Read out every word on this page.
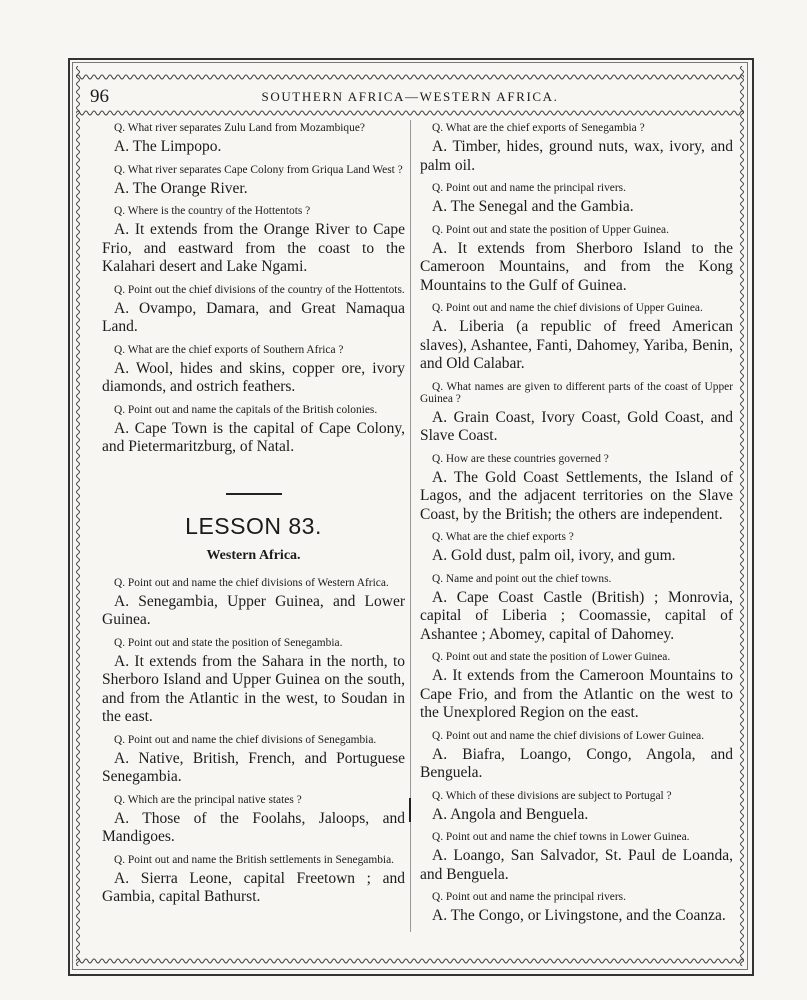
96	SOUTHERN AFRICA—WESTERN AFRICA.
Q. What river separates Zulu Land from Mozambique?
A. The Limpopo.
Q. What river separates Cape Colony from Griqua Land West ?
A. The Orange River.
Q. Where is the country of the Hottentots ?
A. It extends from the Orange River to Cape Frio, and eastward from the coast to the Kalahari desert and Lake Ngami.
Q. Point out the chief divisions of the country of the Hottentots.
A. Ovampo, Damara, and Great Namaqua Land.
Q. What are the chief exports of Southern Africa ?
A. Wool, hides and skins, copper ore, ivory diamonds, and ostrich feathers.
Q. Point out and name the capitals of the British colonies.
A. Cape Town is the capital of Cape Colony, and Pietermaritzburg, of Natal.
LESSON 83.
Western Africa.
Q. Point out and name the chief divisions of Western Africa.
A. Senegambia, Upper Guinea, and Lower Guinea.
Q. Point out and state the position of Senegambia.
A. It extends from the Sahara in the north, to Sherboro Island and Upper Guinea on the south, and from the Atlantic in the west, to Soudan in the east.
Q. Point out and name the chief divisions of Senegambia.
A. Native, British, French, and Portuguese Senegambia.
Q. Which are the principal native states ?
A. Those of the Foolahs, Jaloops, and Mandigoes.
Q. Point out and name the British settlements in Senegambia.
A. Sierra Leone, capital Freetown ; and Gambia, capital Bathurst.
Q. What are the chief exports of Senegambia ?
A. Timber, hides, ground nuts, wax, ivory, and palm oil.
Q. Point out and name the principal rivers.
A. The Senegal and the Gambia.
Q. Point out and state the position of Upper Guinea.
A. It extends from Sherboro Island to the Cameroon Mountains, and from the Kong Mountains to the Gulf of Guinea.
Q. Point out and name the chief divisions of Upper Guinea.
A. Liberia (a republic of freed American slaves), Ashantee, Fanti, Dahomey, Yariba, Benin, and Old Calabar.
Q. What names are given to different parts of the coast of Upper Guinea ?
A. Grain Coast, Ivory Coast, Gold Coast, and Slave Coast.
Q. How are these countries governed ?
A. The Gold Coast Settlements, the Island of Lagos, and the adjacent territories on the Slave Coast, by the British; the others are independent.
Q. What are the chief exports ?
A. Gold dust, palm oil, ivory, and gum.
Q. Name and point out the chief towns.
A. Cape Coast Castle (British) ; Monrovia, capital of Liberia ; Coomassie, capital of Ashantee ; Abomey, capital of Dahomey.
Q. Point out and state the position of Lower Guinea.
A. It extends from the Cameroon Mountains to Cape Frio, and from the Atlantic on the west to the Unexplored Region on the east.
Q. Point out and name the chief divisions of Lower Guinea.
A. Biafra, Loango, Congo, Angola, and Benguela.
Q. Which of these divisions are subject to Portugal ?
A. Angola and Benguela.
Q. Point out and name the chief towns in Lower Guinea.
A. Loango, San Salvador, St. Paul de Loanda, and Benguela.
Q. Point out and name the principal rivers.
A. The Congo, or Livingstone, and the Coanza.
